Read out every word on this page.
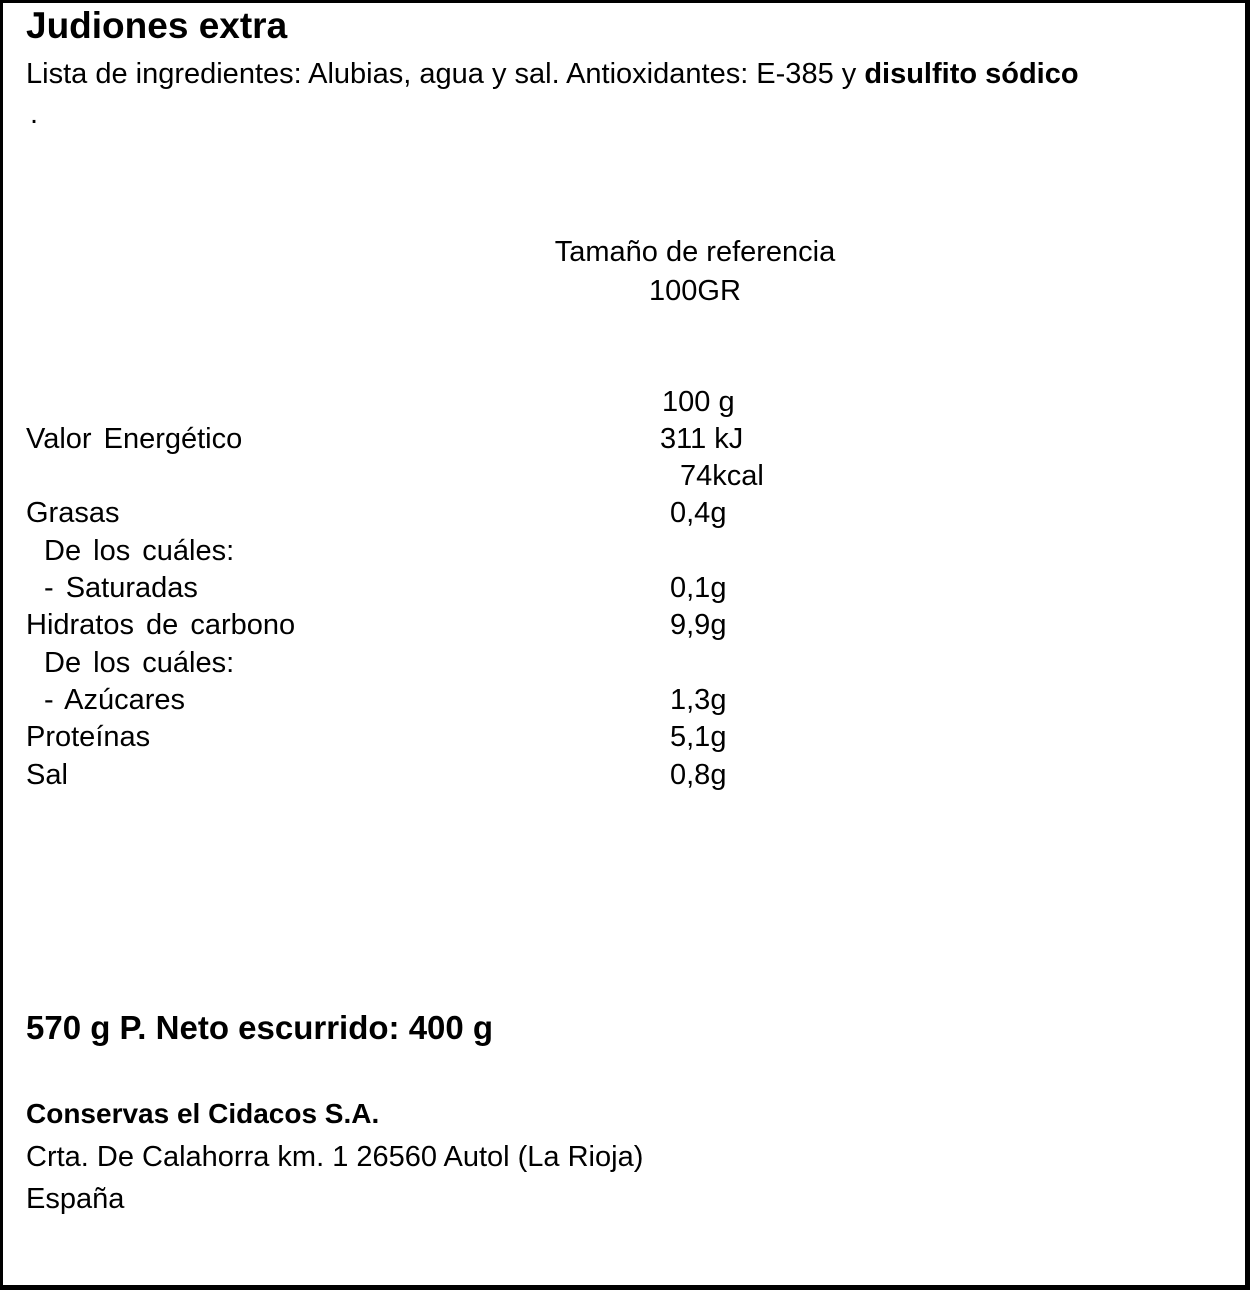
Judiones extra
Lista de ingredientes: Alubias, agua y sal. Antioxidantes: E-385 y disulfito sódico
.
Tamaño de referencia
100GR
100 g
Valor Energético	311 kJ
74kcal
Grasas	0,4g
De los cuáles:
- Saturadas	0,1g
Hidratos de carbono	9,9g
De los cuáles:
- Azúcares	1,3g
Proteínas	5,1g
Sal	0,8g
570 g P. Neto escurrido: 400 g
Conservas el Cidacos S.A.
Crta. De Calahorra km. 1 26560 Autol (La Rioja)
España
